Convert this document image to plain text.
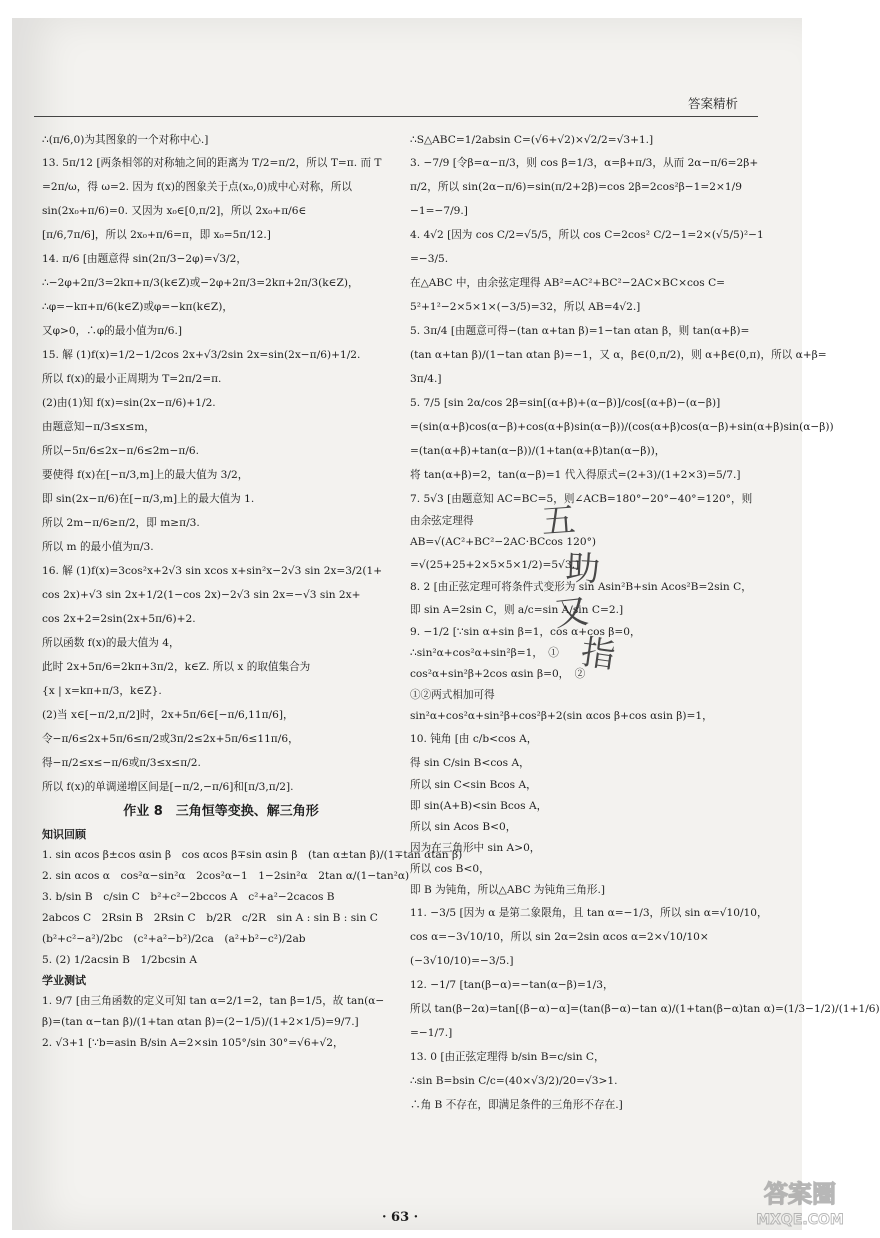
答案精析
∴(π/6,0)为其图象的一个对称中心.]
13. 5π/12 [两条相邻的对称轴之间的距离为 T/2=π/2，所以 T=π. 而 T
=2π/ω，得 ω=2. 因为 f(x)的图象关于点(x₀,0)成中心对称，所以
sin(2x₀+π/6)=0. 又因为 x₀∈[0,π/2]，所以 2x₀+π/6∈
[π/6,7π/6]，所以 2x₀+π/6=π，即 x₀=5π/12.]
14. π/6 [由题意得 sin(2π/3−2φ)=√3/2，
∴−2φ+2π/3=2kπ+π/3(k∈Z)或−2φ+2π/3=2kπ+2π/3(k∈Z)，
∴φ=−kπ+π/6(k∈Z)或φ=−kπ(k∈Z)，
又φ>0，∴φ的最小值为π/6.]
15. 解 (1)f(x)=1/2−1/2cos 2x+√3/2sin 2x=sin(2x−π/6)+1/2.
所以 f(x)的最小正周期为 T=2π/2=π.
(2)由(1)知 f(x)=sin(2x−π/6)+1/2.
由题意知−π/3≤x≤m，
所以−5π/6≤2x−π/6≤2m−π/6.
要使得 f(x)在[−π/3,m]上的最大值为 3/2，
即 sin(2x−π/6)在[−π/3,m]上的最大值为 1.
所以 2m−π/6≥π/2，即 m≥π/3.
所以 m 的最小值为π/3.
16. 解 (1)f(x)=3cos²x+2√3 sin xcos x+sin²x−2√3 sin 2x=3/2(1+
cos 2x)+√3 sin 2x+1/2(1−cos 2x)−2√3 sin 2x=−√3 sin 2x+
cos 2x+2=2sin(2x+5π/6)+2.
所以函数 f(x)的最大值为 4，
此时 2x+5π/6=2kπ+3π/2，k∈Z. 所以 x 的取值集合为
{x | x=kπ+π/3，k∈Z}.
(2)当 x∈[−π/2,π/2]时，2x+5π/6∈[−π/6,11π/6]，
令−π/6≤2x+5π/6≤π/2或3π/2≤2x+5π/6≤11π/6，
得−π/2≤x≤−π/6或π/3≤x≤π/2.
所以 f(x)的单调递增区间是[−π/2,−π/6]和[π/3,π/2].
作业 8　三角恒等变换、解三角形
知识回顾
1. sin αcos β±cos αsin β　cos αcos β∓sin αsin β　(tan α±tan β)/(1∓tan αtan β)
2. sin αcos α　cos²α−sin²α　2cos²α−1　1−2sin²α　2tan α/(1−tan²α)
3. b/sin B　c/sin C　b²+c²−2bccos A　c²+a²−2cacos B
2abcos C　2Rsin B　2Rsin C　b/2R　c/2R　sin A : sin B : sin C
(b²+c²−a²)/2bc　(c²+a²−b²)/2ca　(a²+b²−c²)/2ab
5. (2) 1/2acsin B　1/2bcsin A
学业测试
1. 9/7 [由三角函数的定义可知 tan α=2/1=2，tan β=1/5，故 tan(α−
β)=(tan α−tan β)/(1+tan αtan β)=(2−1/5)/(1+2×1/5)=9/7.]
2. √3+1 [∵b=asin B/sin A=2×sin 105°/sin 30°=√6+√2，
∴S△ABC=1/2absin C=(√6+√2)×√2/2=√3+1.]
3. −7/9 [令β=α−π/3，则 cos β=1/3，α=β+π/3，从而 2α−π/6=2β+
π/2，所以 sin(2α−π/6)=sin(π/2+2β)=cos 2β=2cos²β−1=2×1/9
−1=−7/9.]
4. 4√2 [因为 cos C/2=√5/5，所以 cos C=2cos² C/2−1=2×(√5/5)²−1
=−3/5.
在△ABC 中，由余弦定理得 AB²=AC²+BC²−2AC×BC×cos C=
5²+1²−2×5×1×(−3/5)=32，所以 AB=4√2.]
5. 3π/4 [由题意可得−(tan α+tan β)=1−tan αtan β，则 tan(α+β)=
(tan α+tan β)/(1−tan αtan β)=−1，又 α，β∈(0,π/2)，则 α+β∈(0,π)，所以 α+β=
3π/4.]
5. 7/5 [sin 2α/cos 2β=sin[(α+β)+(α−β)]/cos[(α+β)−(α−β)]
=(sin(α+β)cos(α−β)+cos(α+β)sin(α−β))/(cos(α+β)cos(α−β)+sin(α+β)sin(α−β))
=(tan(α+β)+tan(α−β))/(1+tan(α+β)tan(α−β))，
将 tan(α+β)=2，tan(α−β)=1 代入得原式=(2+3)/(1+2×3)=5/7.]
7. 5√3 [由题意知 AC=BC=5，则∠ACB=180°−20°−40°=120°，则
由余弦定理得
AB=√(AC²+BC²−2AC·BCcos 120°)
=√(25+25+2×5×5×1/2)=5√3.]
8. 2 [由正弦定理可将条件式变形为 sin Asin²B+sin Acos²B=2sin C，
即 sin A=2sin C，则 a/c=sin A/sin C=2.]
9. −1/2 [∵sin α+sin β=1，cos α+cos β=0，
∴sin²α+cos²α+sin²β=1，　①
cos²α+sin²β+2cos αsin β=0，　②
①②两式相加可得
sin²α+cos²α+sin²β+cos²β+2(sin αcos β+cos αsin β)=1，
10. 钝角 [由 c/b<cos A，
得 sin C/sin B<cos A，
所以 sin C<sin Bcos A，
即 sin(A+B)<sin Bcos A，
所以 sin Acos B<0，
因为在三角形中 sin A>0，
所以 cos B<0，
即 B 为钝角，所以△ABC 为钝角三角形.]
11. −3/5 [因为 α 是第二象限角，且 tan α=−1/3，所以 sin α=√10/10，
cos α=−3√10/10，所以 sin 2α=2sin αcos α=2×√10/10×
(−3√10/10)=−3/5.]
12. −1/7 [tan(β−α)=−tan(α−β)=1/3，
所以 tan(β−2α)=tan[(β−α)−α]=(tan(β−α)−tan α)/(1+tan(β−α)tan α)=(1/3−1/2)/(1+1/6)
=−1/7.]
13. 0 [由正弦定理得 b/sin B=c/sin C，
∴sin B=bsin C/c=(40×√3/2)/20=√3>1.
∴角 B 不存在，即满足条件的三角形不存在.]
五
助
又
指
· 63 ·
答案圈
MXQE.COM
